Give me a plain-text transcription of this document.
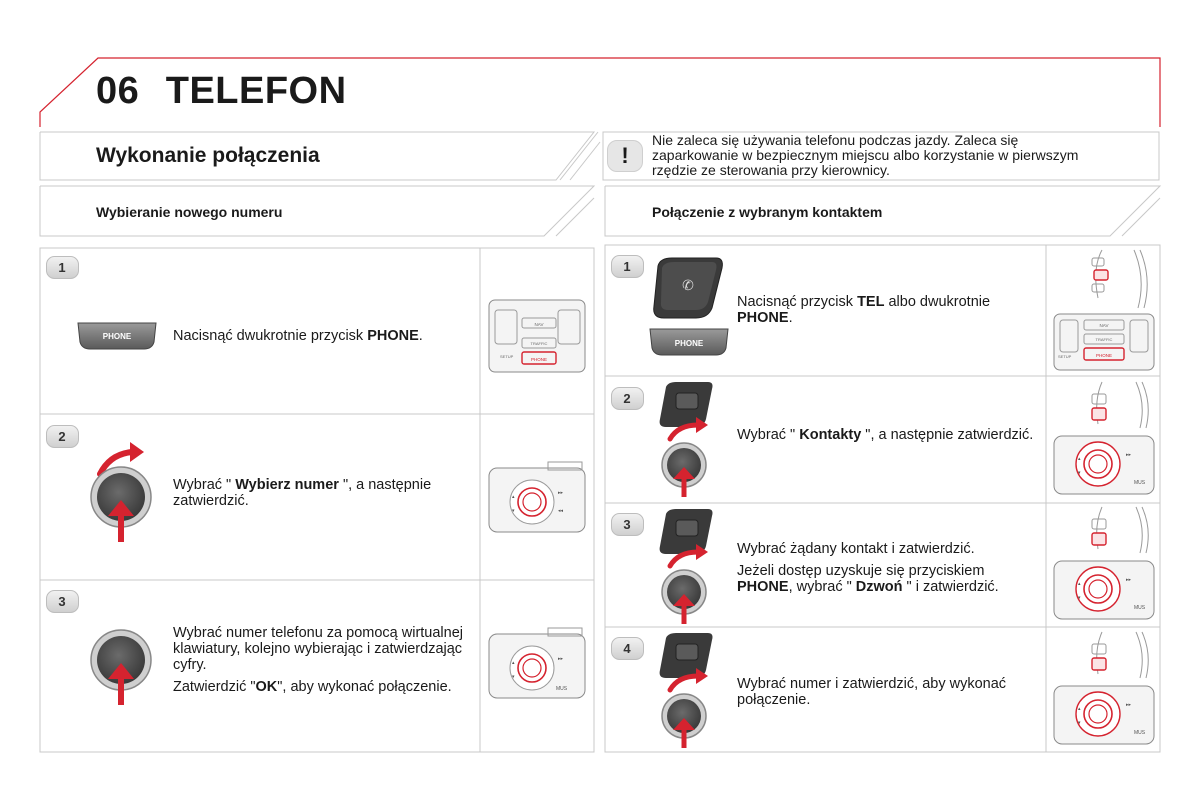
06 TELEFON
Wykonanie połączenia	!
Nie zaleca się używania telefonu podczas jazdy. Zaleca się zaparkowanie w bezpiecznym miejscu albo korzystanie w pierwszym rzędzie ze sterowania przy kierownicy.
Wybieranie nowego numeru	Połączenie z wybranym kontaktem
1
PHONE	Nacisnąć dwukrotnie przycisk PHONE.
NAV
TRAFFIC
PHONE
SETUP
2
Wybrać " Wybierz numer ", a następnie zatwierdzić.
▾
▴
▸▸
◂◂
3

Wybrać numer telefonu za pomocą wirtualnej klawiatury, kolejno wybierając i zatwierdzając cyfry.

Zatwierdzić "OK", aby wykonać połączenie.

▾
▴
▸▸
MUS
1
✆
PHONE
Nacisnąć przycisk TEL albo dwukrotnie PHONE.	NAV
TRAFFIC
PHONE
SETUP
2
Wybrać " Kontakty ", a następnie zatwierdzić.
▾
▴
▸▸
MUS
3

Wybrać żądany kontakt i zatwierdzić.

Jeżeli dostęp uzyskuje się przyciskiem PHONE, wybrać " Dzwoń " i zatwierdzić.

▾
▴
▸▸
MUS
4

Wybrać numer i zatwierdzić, aby wykonać połączenie.

▾
▴
▸▸
MUS
